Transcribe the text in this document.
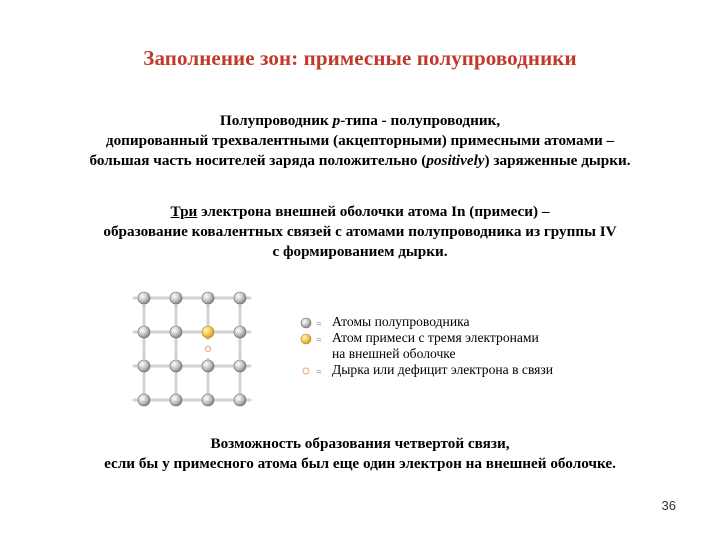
Заполнение зон: примесные полупроводники
Полупроводник p-типа - полупроводник,
допированный трехвалентными (акцепторными) примесными атомами –
большая часть носителей заряда положительно (positively) заряженные дырки.
Три электрона внешней оболочки атома In (примеси) –
образование ковалентных связей с атомами полупроводника из группы IV
с формированием дырки.
= Атомы полупроводника
= Атом примеси с тремя электронами
на внешней оболочке
= Дырка или дефицит электрона в связи
Возможность образования четвертой связи,
если бы у примесного атома был еще один электрон на внешней оболочке.
36
